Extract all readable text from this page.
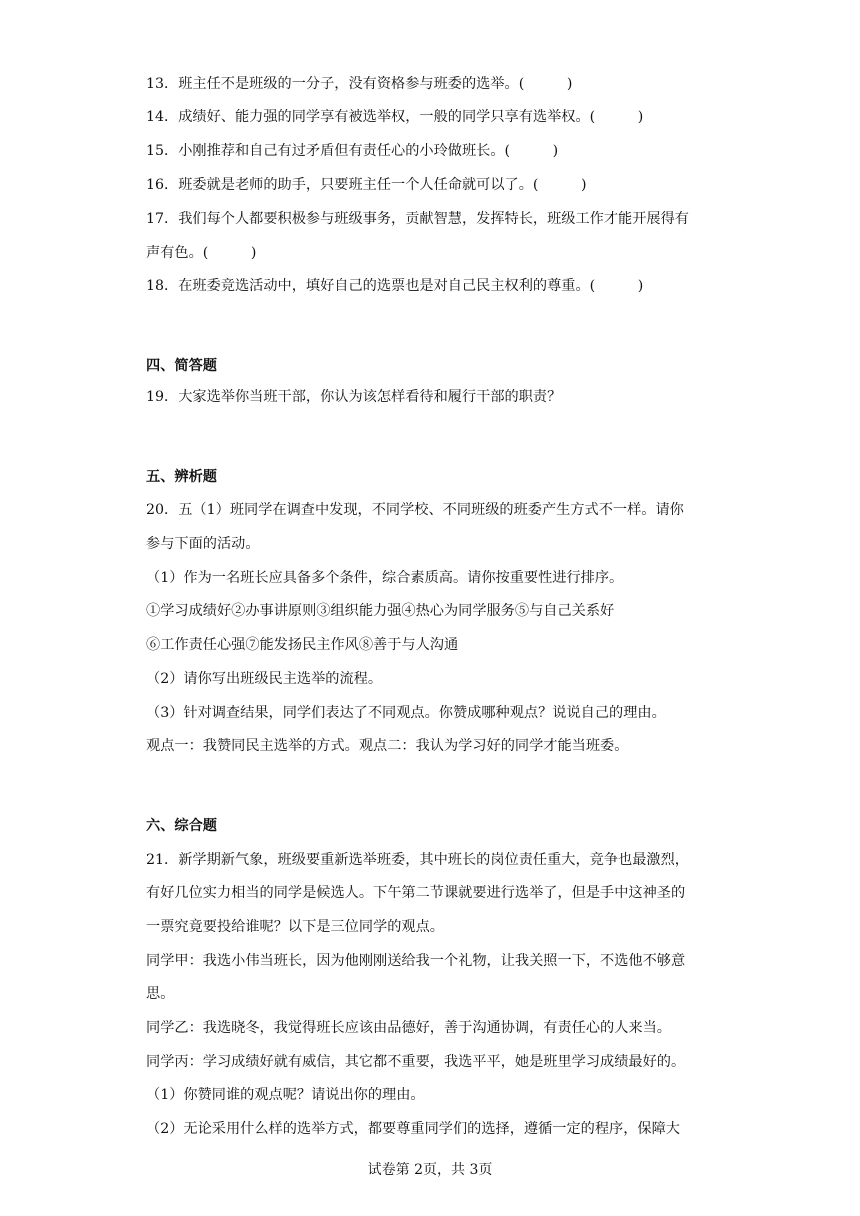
13．班主任不是班级的一分子，没有资格参与班委的选举。(　　　)
14．成绩好、能力强的同学享有被选举权，一般的同学只享有选举权。(　　　)
15．小刚推荐和自己有过矛盾但有责任心的小玲做班长。(　　　)
16．班委就是老师的助手，只要班主任一个人任命就可以了。(　　　)
17．我们每个人都要积极参与班级事务，贡献智慧，发挥特长，班级工作才能开展得有
声有色。(　　　)
18．在班委竞选活动中，填好自己的选票也是对自己民主权利的尊重。(　　　)
四、简答题
19．大家选举你当班干部，你认为该怎样看待和履行干部的职责？
五、辨析题
20．五（1）班同学在调查中发现，不同学校、不同班级的班委产生方式不一样。请你
参与下面的活动。
（1）作为一名班长应具备多个条件，综合素质高。请你按重要性进行排序。
①学习成绩好②办事讲原则③组织能力强④热心为同学服务⑤与自己关系好
⑥工作责任心强⑦能发扬民主作风⑧善于与人沟通
（2）请你写出班级民主选举的流程。
（3）针对调查结果，同学们表达了不同观点。你赞成哪种观点？说说自己的理由。
观点一：我赞同民主选举的方式。观点二：我认为学习好的同学才能当班委。
六、综合题
21．新学期新气象，班级要重新选举班委，其中班长的岗位责任重大，竞争也最激烈，
有好几位实力相当的同学是候选人。下午第二节课就要进行选举了，但是手中这神圣的
一票究竟要投给谁呢？以下是三位同学的观点。
同学甲：我选小伟当班长，因为他刚刚送给我一个礼物，让我关照一下，不选他不够意
思。
同学乙：我选晓冬，我觉得班长应该由品德好，善于沟通协调，有责任心的人来当。
同学丙：学习成绩好就有威信，其它都不重要，我选平平，她是班里学习成绩最好的。
（1）你赞同谁的观点呢？请说出你的理由。
（2）无论采用什么样的选举方式，都要尊重同学们的选择，遵循一定的程序，保障大
试卷第 2页，共 3页
